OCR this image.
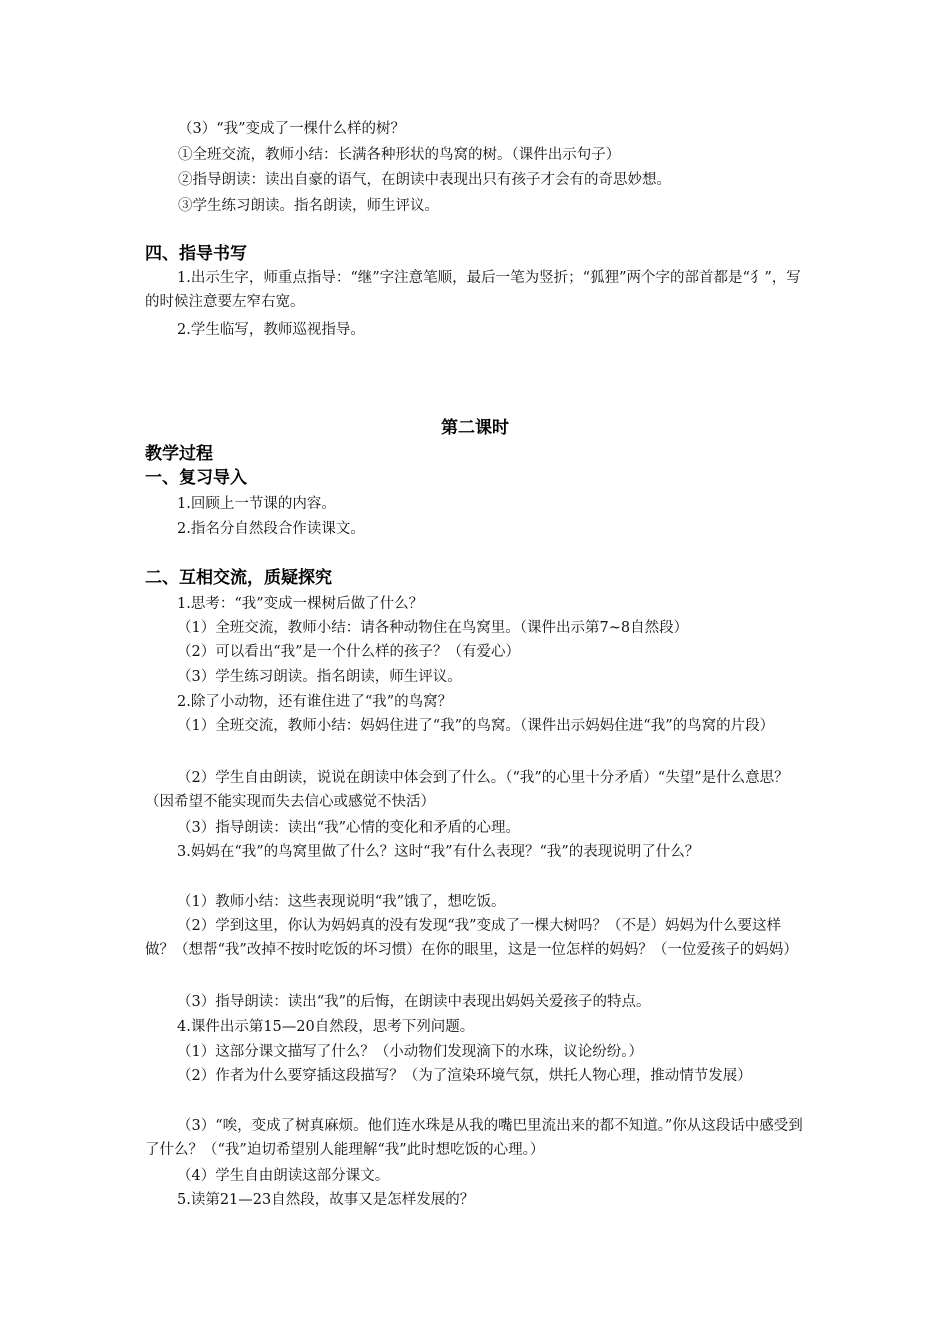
（3）“我”变成了一棵什么样的树？

①全班交流，教师小结：长满各种形状的鸟窝的树。（课件出示句子）

②指导朗读：读出自豪的语气，在朗读中表现出只有孩子才会有的奇思妙想。

③学生练习朗读。指名朗读，师生评议。

四、指导书写

1.出示生字，师重点指导：“继”字注意笔顺，最后一笔为竖折；“狐狸”两个字的部首都是“犭”，写的时候注意要左窄右宽。

2.学生临写，教师巡视指导。

第二课时
教学过程
一、复习导入

1.回顾上一节课的内容。

2.指名分自然段合作读课文。

二、互相交流，质疑探究

1.思考：“我”变成一棵树后做了什么？

（1）全班交流，教师小结：请各种动物住在鸟窝里。（课件出示第7~8自然段）

（2）可以看出“我”是一个什么样的孩子？（有爱心）

（3）学生练习朗读。指名朗读，师生评议。

2.除了小动物，还有谁住进了“我”的鸟窝？

（1）全班交流，教师小结：妈妈住进了“我”的鸟窝。（课件出示妈妈住进“我”的鸟窝的片段）

（2）学生自由朗读，说说在朗读中体会到了什么。（“我”的心里十分矛盾）“失望”是什么意思？（因希望不能实现而失去信心或感觉不快活）

（3）指导朗读：读出“我”心情的变化和矛盾的心理。

3.妈妈在“我”的鸟窝里做了什么？这时“我”有什么表现？“我”的表现说明了什么？

（1）教师小结：这些表现说明“我”饿了，想吃饭。

（2）学到这里，你认为妈妈真的没有发现“我”变成了一棵大树吗？（不是）妈妈为什么要这样做？（想帮“我”改掉不按时吃饭的坏习惯）在你的眼里，这是一位怎样的妈妈？（一位爱孩子的妈妈）

（3）指导朗读：读出“我”的后悔，在朗读中表现出妈妈关爱孩子的特点。

4.课件出示第15—20自然段，思考下列问题。

（1）这部分课文描写了什么？（小动物们发现滴下的水珠，议论纷纷。）

（2）作者为什么要穿插这段描写？（为了渲染环境气氛，烘托人物心理，推动情节发展）

（3）“唉，变成了树真麻烦。他们连水珠是从我的嘴巴里流出来的都不知道。”你从这段话中感受到了什么？（“我”迫切希望别人能理解“我”此时想吃饭的心理。）

（4）学生自由朗读这部分课文。

5.读第21—23自然段，故事又是怎样发展的？
